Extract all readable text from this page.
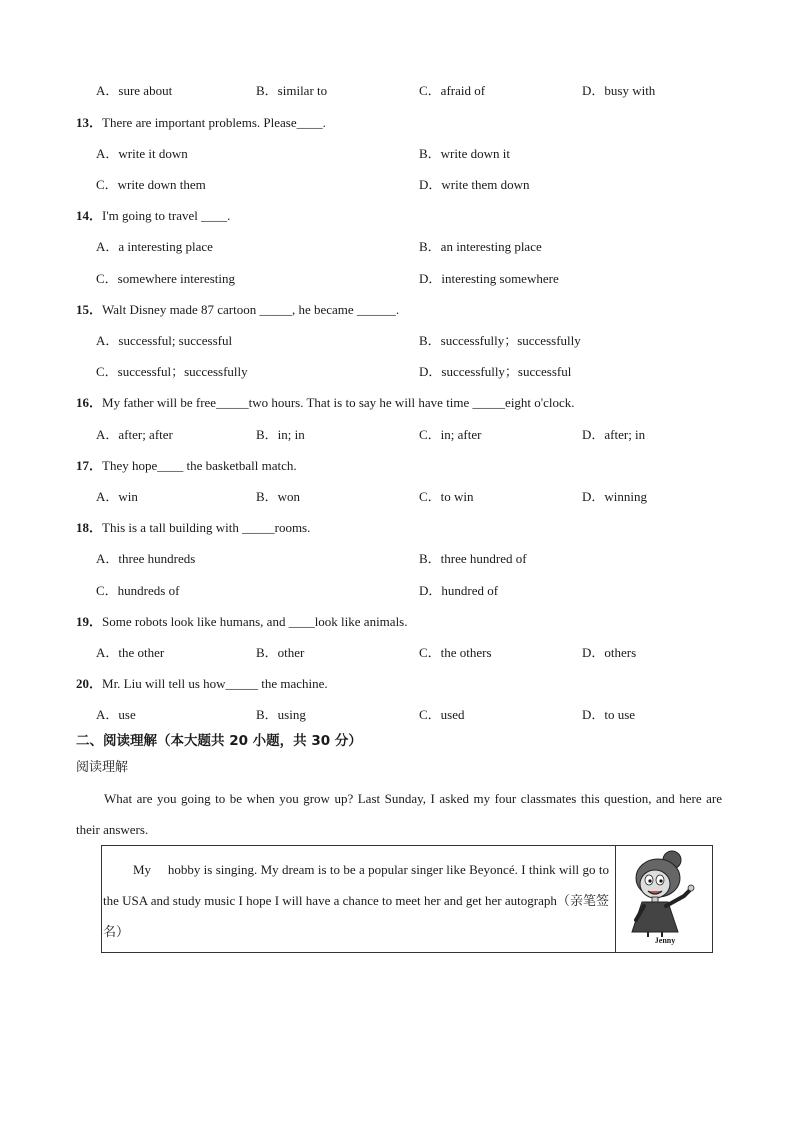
A．sure about	B．similar to	C．afraid of	D．busy with
13．There are important problems. Please____.
A．write it down	B．write down it
C．write down them	D．write them down
14．I'm going to travel ____.
A．a interesting place	B．an interesting place
C．somewhere interesting	D．interesting somewhere
15．Walt Disney made 87 cartoon _____, he became ______.
A．successful; successful	B．successfully；successfully
C．successful；successfully	D．successfully；successful
16．My father will be free_____two hours. That is to say he will have time _____eight o'clock.
A．after; after	B．in; in	C．in; after	D．after; in
17．They hope____ the basketball match.
A．win	B．won	C．to win	D．winning
18．This is a tall building with _____rooms.
A．three hundreds	B．three hundred of
C．hundreds of	D．hundred of
19．Some robots look like humans, and ____look like animals.
A．the other	B．other	C．the others	D．others
20．Mr. Liu will tell us how_____ the machine.
A．use	B．using	C．used	D．to use
二、阅读理解（本大题共 20 小题，共 30 分）
阅读理解
What are you going to be when you grow up? Last Sunday, I asked my four classmates this question, and here are their answers.
My hobby is singing. My dream is to be a popular singer like Beyoncé. I think will go to the USA and study music I hope I will have a chance to meet her and get her autograph（亲笔签名）
Jenny
